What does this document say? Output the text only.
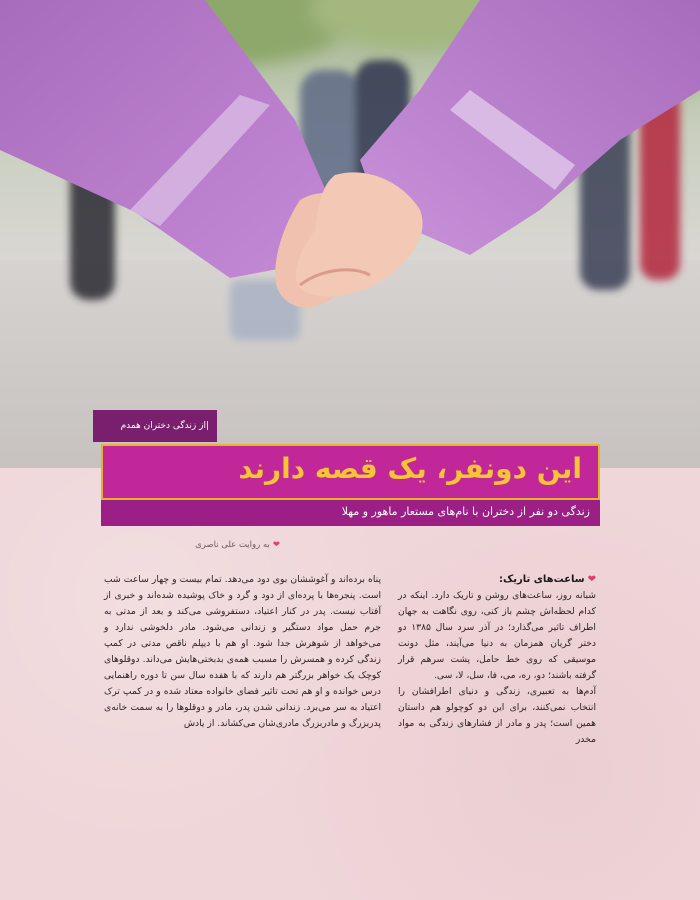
|از زندگی دختران همدم
این دونفر، یک قصه دارند
زندگی دو نفر از دختران با نام‌های مستعار ماهور و مهلا
❤به روایت علی ناصری
❤ساعت‌های تاریک:

شبانه روز، ساعت‌های روشن و تاریک دارد. اینکه در کدام لحظه‌اش چشم باز کنی، روی نگاهت به جهان اطراف تاثیر می‌گذارد؛ در آذر سرد سال ۱۳۸۵ دو دختر گریان همزمان به دنیا می‌آیند، مثل دونت موسیقی که روی خط حامل، پشت سرهم قرار گرفته باشند؛ دو، ره، می، فا، سل، لا، سی.

آدم‌ها به تعبیری، زندگی و دنیای اطرافشان را انتخاب نمی‌کنند، برای این دو کوچولو هم داستان همین است؛ پدر و مادر از فشارهای زندگی به مواد مخدر

پناه برده‌اند و آغوششان بوی دود می‌دهد. تمام بیست و چهار ساعت شب است. پنجره‌ها با پرده‌ای از دود و گرد و خاک پوشیده شده‌اند و خبری از آفتاب نیست. پدر در کنار اعتیاد، دستفروشی می‌کند و بعد از مدتی به جرم حمل مواد دستگیر و زندانی می‌شود. مادر دلخوشی ندارد و می‌خواهد از شوهرش جدا شود. او هم با دیپلم ناقص مدتی در کمپ زندگی کرده و همسرش را مسبب همه‌ی بدبختی‌هایش می‌داند. دوقلوهای کوچک یک خواهر بزرگتر هم دارند که با هفده سال سن تا دوره راهنمایی درس خوانده و او هم تحت تاثیر فضای خانواده معتاد شده و در کمپ ترک اعتیاد به سر می‌برد. زندانی شدن پدر، مادر و دوقلوها را به سمت خانه‌ی پدربزرگ و مادربزرگ مادری‌شان می‌کشاند. از یادش
